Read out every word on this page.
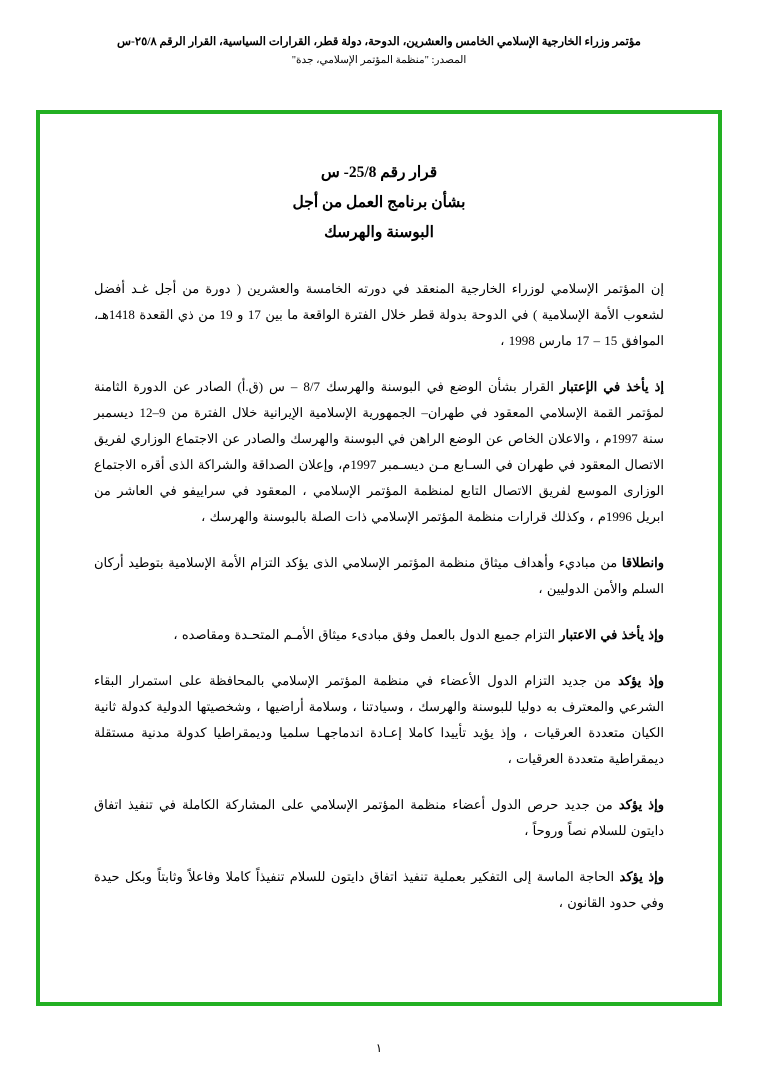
مؤتمر وزراء الخارجية الإسلامي الخامس والعشرين، الدوحة، دولة قطر، القرارات السياسية، القرار الرقم ٢٥/٨-س
المصدر: "منظمة المؤتمر الإسلامي، جدة"
قرار رقم 25/8- س
بشأن برنامج العمل من أجل
البوسنة والهرسك

إن المؤتمر الإسلامي لوزراء الخارجية المنعقد في دورته الخامسة والعشرين ( دورة من أجل غـد أفضل لشعوب الأمة الإسلامية ) في الدوحة بدولة قطر خلال الفترة الواقعة ما بين 17 و 19 من ذي القعدة 1418هـ، الموافق 15 – 17 مارس 1998 ،

إذ يأخذ في الإعتبار القرار بشأن الوضع في البوسنة والهرسك 8/7 – س (ق.أ) الصادر عن الدورة الثامنة لمؤتمر القمة الإسلامي المعقود في طهران– الجمهورية الإسلامية الإيرانية خلال الفترة من 9–12 ديسمبر سنة 1997م ، والاعلان الخاص عن الوضع الراهن في البوسنة والهرسك والصادر عن الاجتماع الوزاري لفريق الاتصال المعقود في طهران في السـابع مـن ديسـمبر 1997م، وإعلان الصداقة والشراكة الذى أقره الاجتماع الوزارى الموسع لفريق الاتصال التابع لمنظمة المؤتمر الإسلامي ، المعقود في سراييفو في العاشر من ابريل 1996م ، وكذلك قرارات منظمة المؤتمر الإسلامي ذات الصلة بالبوسنة والهرسك ،

وانطلاقا من مباديء وأهداف ميثاق منظمة المؤتمر الإسلامي الذى يؤكد التزام الأمة الإسلامية بتوطيد أركان السلم والأمن الدوليين ،

وإذ يأخذ في الاعتبار التزام جميع الدول بالعمل وفق مبادىء ميثاق الأمـم المتحـدة ومقاصده ،

وإذ يؤكد من جديد التزام الدول الأعضاء في منظمة المؤتمر الإسلامي بالمحافظة على استمرار البقاء الشرعي والمعترف به دوليا للبوسنة والهرسك ، وسيادتنا ، وسلامة أراضيها ، وشخصيتها الدولية كدولة ثانية الكيان متعددة العرقيات ، وإذ يؤيد تأييدا كاملا إعـادة اندماجهـا سلميا وديمقراطيا كدولة مدنية مستقلة ديمقراطية متعددة العرقيات ،

وإذ يؤكد من جديد حرص الدول أعضاء منظمة المؤتمر الإسلامي على المشاركة الكاملة في تنفيذ اتفاق دايتون للسلام نصاً وروحاً ،

وإذ يؤكد الحاجة الماسة إلى التفكير بعملية تنفيذ اتفاق دايتون للسلام تنفيذاً كاملا وفاعلاً وثابتاً وبكل حيدة وفي حدود القانون ،

١
